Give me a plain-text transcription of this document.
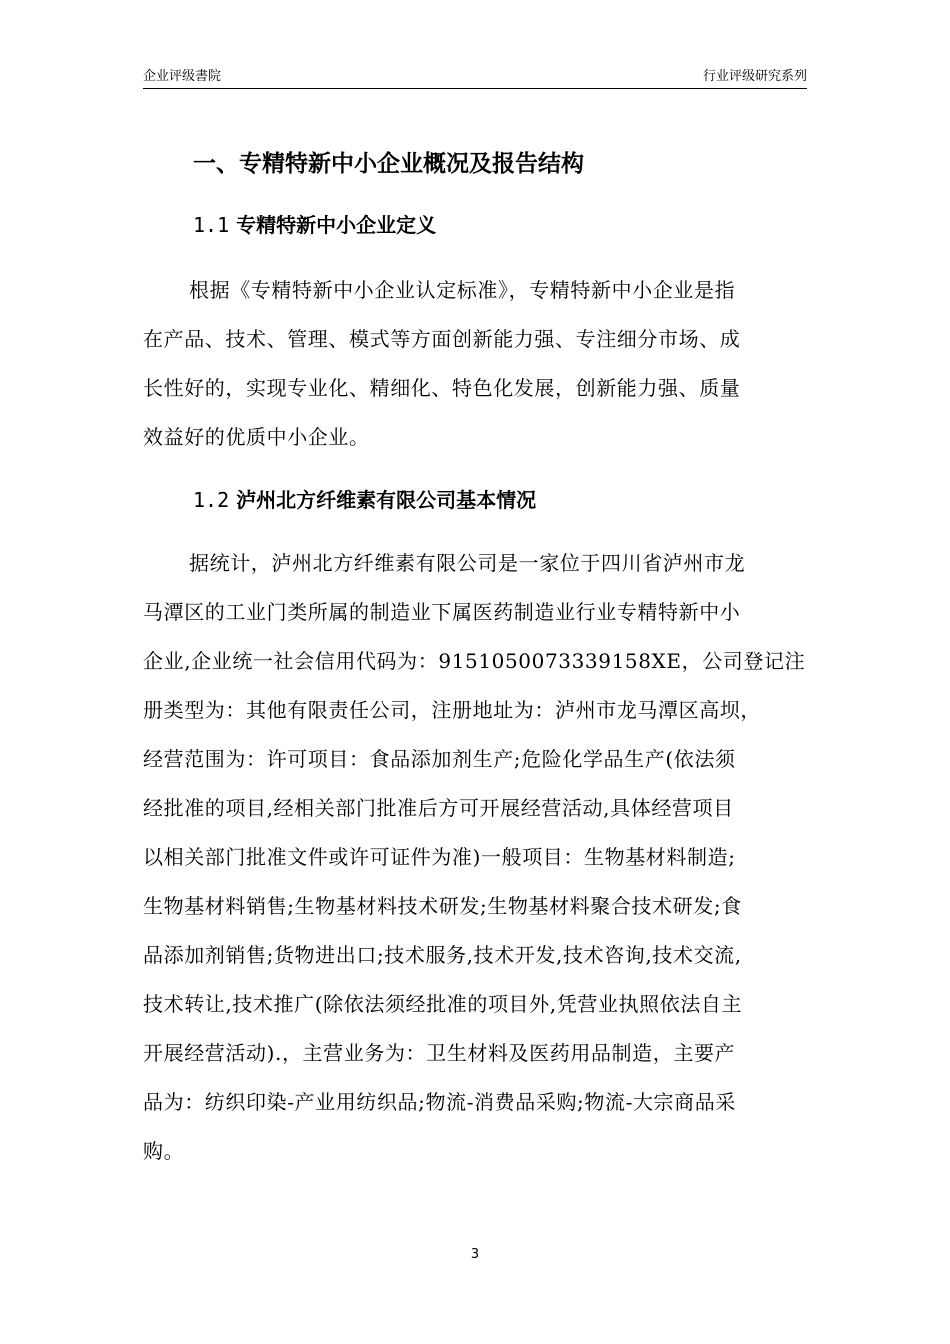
企业评级書院	行业评级研究系列
一、专精特新中小企业概况及报告结构
1.1 专精特新中小企业定义
根据《专精特新中小企业认定标准》，专精特新中小企业是指
在产品、技术、管理、模式等方面创新能力强、专注细分市场、成
长性好的，实现专业化、精细化、特色化发展，创新能力强、质量
效益好的优质中小企业。
1.2 泸州北方纤维素有限公司基本情况
据统计，泸州北方纤维素有限公司是一家位于四川省泸州市龙
马潭区的工业门类所属的制造业下属医药制造业行业专精特新中小
企业,企业统一社会信用代码为：9151050073339158XE，公司登记注
册类型为：其他有限责任公司，注册地址为：泸州市龙马潭区高坝，
经营范围为：许可项目：食品添加剂生产;危险化学品生产(依法须
经批准的项目,经相关部门批准后方可开展经营活动,具体经营项目
以相关部门批准文件或许可证件为准)一般项目：生物基材料制造;
生物基材料销售;生物基材料技术研发;生物基材料聚合技术研发;食
品添加剂销售;货物进出口;技术服务,技术开发,技术咨询,技术交流,
技术转让,技术推广(除依法须经批准的项目外,凭营业执照依法自主
开展经营活动).，主营业务为：卫生材料及医药用品制造，主要产
品为：纺织印染-产业用纺织品;物流-消费品采购;物流-大宗商品采
购。
3
